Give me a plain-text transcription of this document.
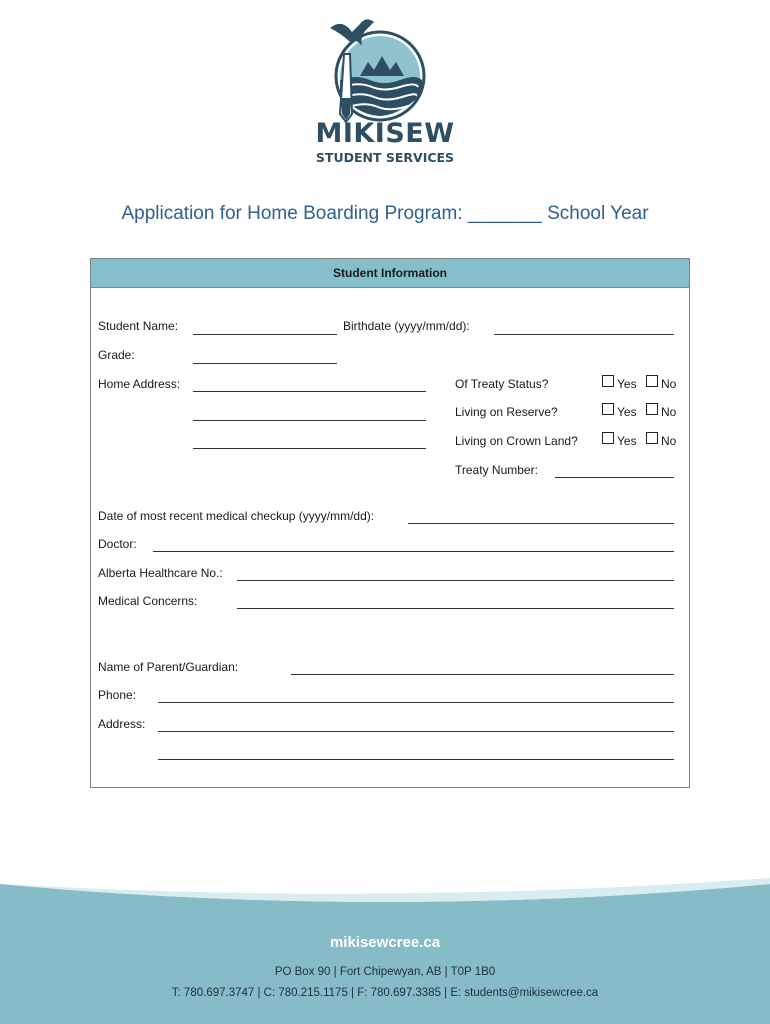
MIKISEW
STUDENT SERVICES
Application for Home Boarding Program: _______ School Year
Student Information
Student Name:	Birthdate (yyyy/mm/dd):
Grade:
Home Address:	Of Treaty Status?	Yes No
Living on Reserve?	Yes No
Living on Crown Land?	Yes No
Treaty Number:
Date of most recent medical checkup (yyyy/mm/dd):
Doctor:
Alberta Healthcare No.:
Medical Concerns:
Name of Parent/Guardian:
Phone:
Address:
mikisewcree.ca
PO Box 90 | Fort Chipewyan, AB | T0P 1B0
T: 780.697.3747 | C: 780.215.1175 | F: 780.697.3385 | E: students@mikisewcree.ca
